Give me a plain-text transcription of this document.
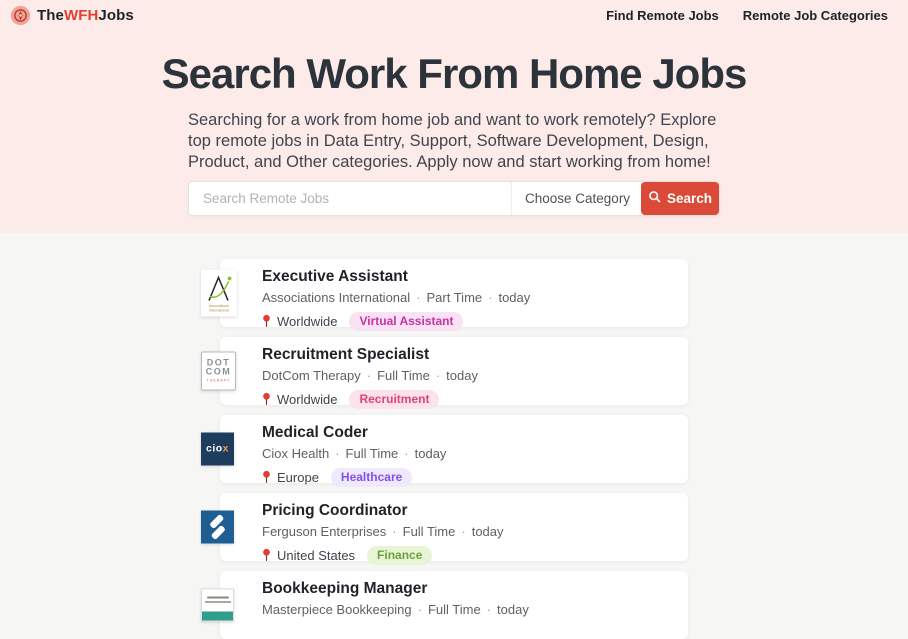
TheWFHJobs	Find Remote Jobs Remote Job Categories
Search Work From Home Jobs

Searching for a work from home job and want to work remotely? Explore top remote jobs in Data Entry, Support, Software Development, Design, Product, and Other categories. Apply now and start working from home!

Search Remote Jobs
Choose Category	Search
Associations
International
Executive Assistant
Associations International · Part Time · today
Worldwide	Virtual Assistant
DOT
COM
THERAPY
Recruitment Specialist
DotCom Therapy · Full Time · today
Worldwide	Recruitment
ciox
Medical Coder
Ciox Health · Full Time · today
Europe	Healthcare
Pricing Coordinator
Ferguson Enterprises · Full Time · today
United States	Finance
Bookkeeping Manager
Masterpiece Bookkeeping · Full Time · today
